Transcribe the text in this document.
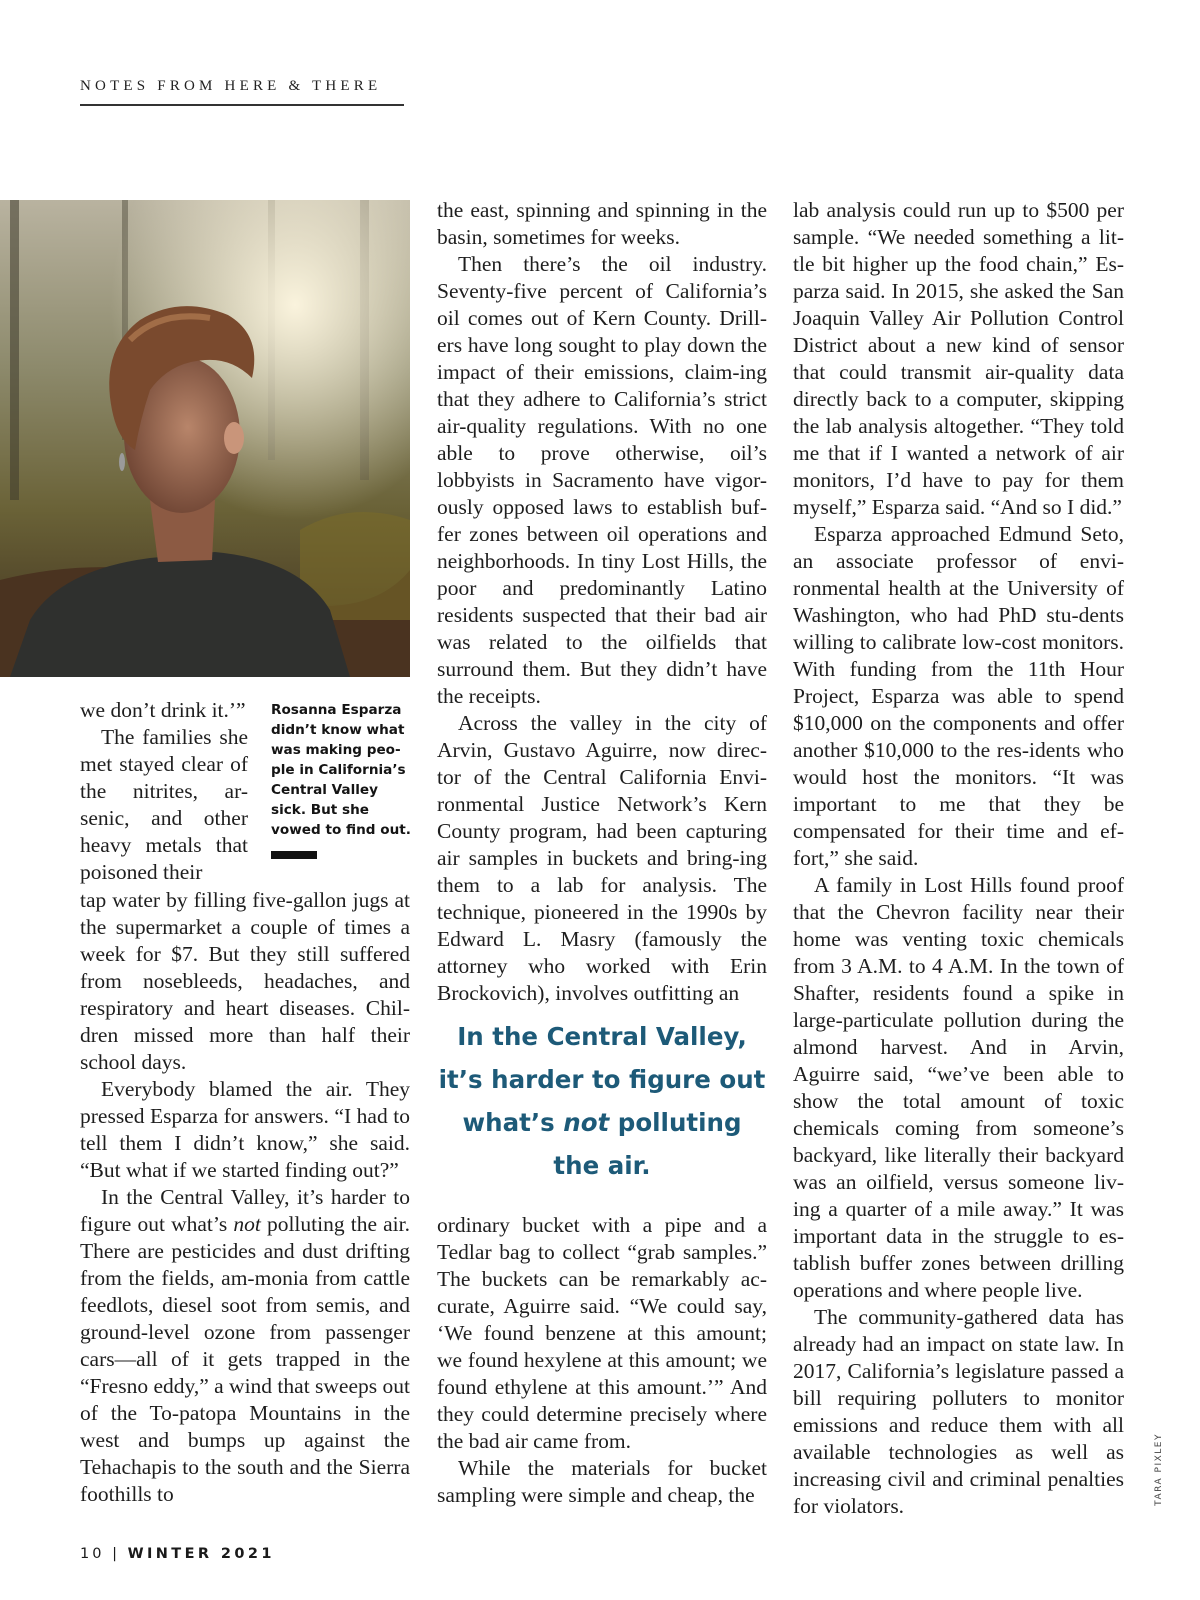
NOTES FROM HERE & THERE

we don’t drink it.’”

The families she met stayed clear of the nitrites, ar-senic, and other heavy metals that poisoned their

Rosanna Esparza didn’t know what was making peo-ple in California’s Central Valley sick. But she vowed to find out.

tap water by filling five-gallon jugs at the supermarket a couple of times a week for $7. But they still suffered from nosebleeds, headaches, and respiratory and heart diseases. Chil-dren missed more than half their school days.

Everybody blamed the air. They pressed Esparza for answers. “I had to tell them I didn’t know,” she said. “But what if we started finding out?”

In the Central Valley, it’s harder to figure out what’s not polluting the air. There are pesticides and dust drifting from the fields, am-monia from cattle feedlots, diesel soot from semis, and ground-level ozone from passenger cars—all of it gets trapped in the “Fresno eddy,” a wind that sweeps out of the To-patopa Mountains in the west and bumps up against the Tehachapis to the south and the Sierra foothills to

the east, spinning and spinning in the basin, sometimes for weeks.

Then there’s the oil industry. Seventy-five percent of California’s oil comes out of Kern County. Drill-ers have long sought to play down the impact of their emissions, claim-ing that they adhere to California’s strict air-quality regulations. With no one able to prove otherwise, oil’s lobbyists in Sacramento have vigor-ously opposed laws to establish buf-fer zones between oil operations and neighborhoods. In tiny Lost Hills, the poor and predominantly Latino residents suspected that their bad air was related to the oilfields that surround them. But they didn’t have the receipts.

Across the valley in the city of Arvin, Gustavo Aguirre, now direc-tor of the Central California Envi-ronmental Justice Network’s Kern County program, had been capturing air samples in buckets and bring-ing them to a lab for analysis. The technique, pioneered in the 1990s by Edward L. Masry (famously the attorney who worked with Erin Brockovich), involves outfitting an

In the Central Valley, it’s harder to figure out what’s not polluting the air.

ordinary bucket with a pipe and a Tedlar bag to collect “grab samples.” The buckets can be remarkably ac-curate, Aguirre said. “We could say, ‘We found benzene at this amount; we found hexylene at this amount; we found ethylene at this amount.’” And they could determine precisely where the bad air came from.

While the materials for bucket sampling were simple and cheap, the

lab analysis could run up to $500 per sample. “We needed something a lit-tle bit higher up the food chain,” Es-parza said. In 2015, she asked the San Joaquin Valley Air Pollution Control District about a new kind of sensor that could transmit air-quality data directly back to a computer, skipping the lab analysis altogether. “They told me that if I wanted a network of air monitors, I’d have to pay for them myself,” Esparza said. “And so I did.”

Esparza approached Edmund Seto, an associate professor of envi-ronmental health at the University of Washington, who had PhD stu-dents willing to calibrate low-cost monitors. With funding from the 11th Hour Project, Esparza was able to spend $10,000 on the components and offer another $10,000 to the res-idents who would host the monitors. “It was important to me that they be compensated for their time and ef-fort,” she said.

A family in Lost Hills found proof that the Chevron facility near their home was venting toxic chemicals from 3 A.M. to 4 A.M. In the town of Shafter, residents found a spike in large-particulate pollution during the almond harvest. And in Arvin, Aguirre said, “we’ve been able to show the total amount of toxic chemicals coming from someone’s backyard, like literally their backyard was an oilfield, versus someone liv-ing a quarter of a mile away.” It was important data in the struggle to es-tablish buffer zones between drilling operations and where people live.

The community-gathered data has already had an impact on state law. In 2017, California’s legislature passed a bill requiring polluters to monitor emissions and reduce them with all available technologies as well as increasing civil and criminal penalties for violators.

10 | WINTER 2021
TARA PIXLEY
